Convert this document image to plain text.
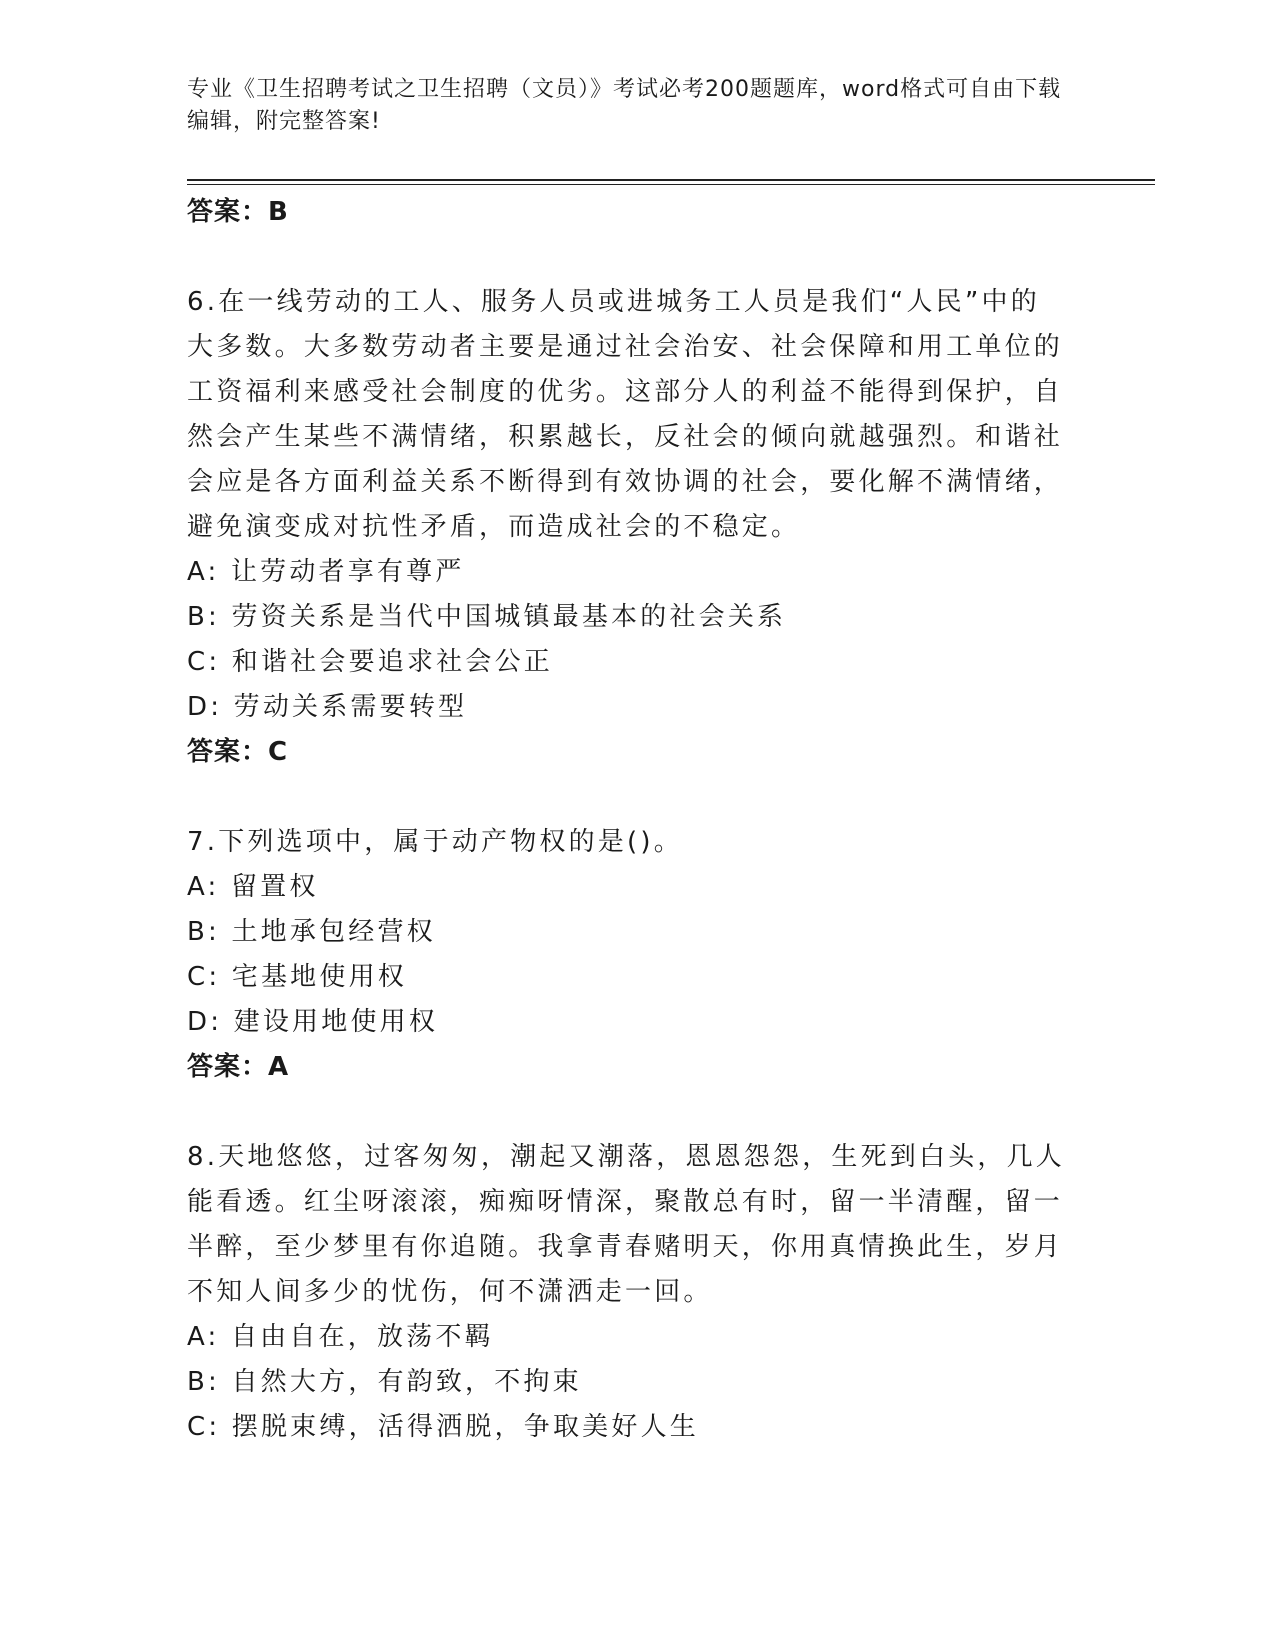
专业《卫生招聘考试之卫生招聘（文员）》考试必考200题题库，word格式可自由下载编辑，附完整答案!
答案：B
6.在一线劳动的工人、服务人员或进城务工人员是我们“人民”中的大多数。大多数劳动者主要是通过社会治安、社会保障和用工单位的工资福利来感受社会制度的优劣。这部分人的利益不能得到保护，自然会产生某些不满情绪，积累越长，反社会的倾向就越强烈。和谐社会应是各方面利益关系不断得到有效协调的社会，要化解不满情绪，避免演变成对抗性矛盾，而造成社会的不稳定。
A: 让劳动者享有尊严
B: 劳资关系是当代中国城镇最基本的社会关系
C: 和谐社会要追求社会公正
D: 劳动关系需要转型
答案：C
7.下列选项中，属于动产物权的是()。
A: 留置权
B: 土地承包经营权
C: 宅基地使用权
D: 建设用地使用权
答案：A
8.天地悠悠，过客匆匆，潮起又潮落，恩恩怨怨，生死到白头，几人能看透。红尘呀滚滚，痴痴呀情深，聚散总有时，留一半清醒，留一半醉，至少梦里有你追随。我拿青春赌明天，你用真情换此生，岁月不知人间多少的忧伤，何不潇洒走一回。
A: 自由自在，放荡不羁
B: 自然大方，有韵致，不拘束
C: 摆脱束缚，活得洒脱，争取美好人生
